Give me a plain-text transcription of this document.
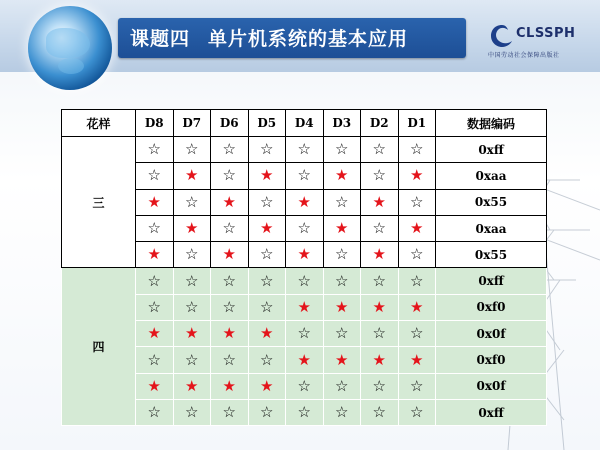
课题四 单片机系统的基本应用	CLSSPH
中国劳动社会保障出版社
花样	D8	D7	D6	D5	D4	D3	D2	D1	数据编码
三	☆	☆	☆	☆	☆	☆	☆	☆	0xff
	☆	★	☆	★	☆	★	☆	★	0xaa
	★	☆	★	☆	★	☆	★	☆	0x55
	☆	★	☆	★	☆	★	☆	★	0xaa
	★	☆	★	☆	★	☆	★	☆	0x55
四	☆	☆	☆	☆	☆	☆	☆	☆	0xff
	☆	☆	☆	☆	★	★	★	★	0xf0
	★	★	★	★	☆	☆	☆	☆	0x0f
	☆	☆	☆	☆	★	★	★	★	0xf0
	★	★	★	★	☆	☆	☆	☆	0x0f
	☆	☆	☆	☆	☆	☆	☆	☆	0xff
